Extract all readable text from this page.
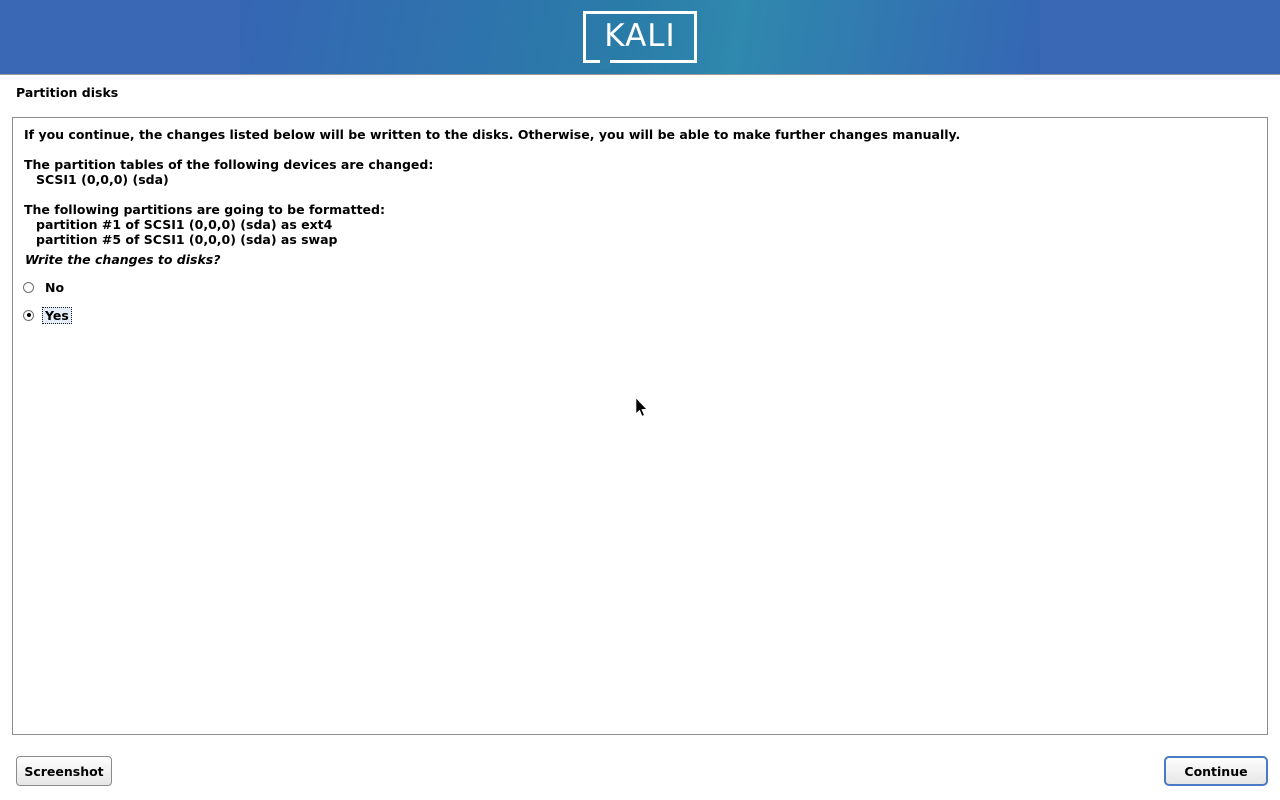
KALI
Partition disks
If you continue, the changes listed below will be written to the disks. Otherwise, you will be able to make further changes manually.
The partition tables of the following devices are changed:
SCSI1 (0,0,0) (sda)
The following partitions are going to be formatted:
partition #1 of SCSI1 (0,0,0) (sda) as ext4
partition #5 of SCSI1 (0,0,0) (sda) as swap
Write the changes to disks?
No
Yes
Screenshot	Continue
